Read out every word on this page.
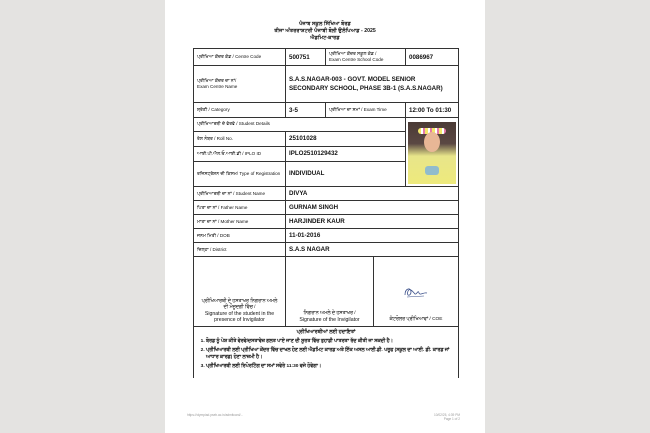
ਪੰਜਾਬ ਸਕੂਲ ਸਿੱਖਿਆ ਬੋਰਡ
ਤੀਜਾ ਅੰਤਰਰਾਸ਼ਟਰੀ ਪੰਜਾਬੀ ਬੋਲੀ ਉਲੰਪਿਆਡ - 2025
ਐਡਮਿਟ-ਕਾਰਡ
ਪ੍ਰੀਖਿਆ ਕੇਂਦਰ ਕੋਡ / Centre Code	500751	ਪ੍ਰੀਖਿਆ ਕੇਂਦਰ ਸਕੂਲ ਕੋਡ /
Exam Centre School Code		0086967
ਪ੍ਰੀਖਿਆ ਕੇਂਦਰ ਦਾ ਨਾਂ/
Exam Centre Name	S.A.S.NAGAR-003 - GOVT. MODEL SENIOR SECONDARY SCHOOL, PHASE 3B-1 (S.A.S.NAGAR)			
ਸ਼੍ਰੇਣੀ / Category	3-5	ਪ੍ਰੀਖਿਆ ਦਾ ਸਮਾਂ / Exam Time		12:00 To 01:30
ਪ੍ਰੀਖਿਆਰਥੀ ਦੇ ਵੇਰਵੇ / Student Details				

ਰੋਲ ਨੰਬਰ / Roll No.	25101028			
ਆਈ.ਪੀ.ਐਲ.ਓ.ਆਈ.ਡੀ / IPLO ID	IPLO2510129432			
ਰਜਿਸਟ੍ਰੇਸ਼ਨ ਦੀ ਕਿਸਮ/ Type of Registration	INDIVIDUAL			
ਪ੍ਰੀਖਿਆਰਥੀ ਦਾ ਨਾਂ / Student Name	DIVYA			
ਪਿਤਾ ਦਾ ਨਾਂ / Father Name	GURNAM SINGH			
ਮਾਤਾ ਦਾ ਨਾਂ / Mother Name	HARJINDER KAUR			
ਜਨਮ ਮਿਤੀ / DOB	11-01-2016			
ਜ਼ਿਲ੍ਹਾ / District	S.A.S NAGAR			

ਪ੍ਰੀਖਿਆਰਥੀ ਦੇ ਹਸਤਾਖਰ ਨਿਗਰਾਨ ਅਮਲੇ
ਦੀ ਮੌਜੂਦਗੀ ਵਿੱਚ /
Signature of the student in the presence of Invigilator	ਨਿਗਰਾਨ ਅਮਲੇ ਦੇ ਹਸਤਾਖਰ /
Signature of the Invigilator		ਕੰਟਰੋਲਰ ਪ੍ਰੀਖਿਆਵਾਂ / COE	

ਪ੍ਰੀਖਿਆਰਥੀਆਂ ਲਈ ਹਦਾਇਤਾਂ
1. ਬੋਰਡ ਨੂੰ ਪੇਸ਼ ਕੀਤੇ ਵੇਰਵੇ/ਦਸਤਾਵੇਜ਼ ਗਲਤ ਪਾਏ ਜਾਣ ਦੀ ਸੂਰਤ ਵਿੱਚ ਤੁਹਾਡੀ ਪਾਤਰਤਾ ਰੱਦ ਕੀਤੀ ਜਾ ਸਕਦੀ ਹੈ।
2. ਪ੍ਰੀਖਿਆਰਥੀ ਲਈ ਪ੍ਰੀਖਿਆ ਕੇਂਦਰ ਵਿੱਚ ਦਾਖਲ ਹੋਣ ਲਈ ਐਡਮਿਟ ਕਾਰਡ ਅਤੇ ਇੱਕ ਅਸਲ ਆਈ.ਡੀ. ਪਰੂਫ (ਸਕੂਲ ਦਾ ਆਈ. ਡੀ. ਕਾਰਡ ਜਾਂ ਆਧਾਰ ਕਾਰਡ) ਹੋਣਾ ਲਾਜ਼ਮੀ ਹੈ।
3. ਪ੍ਰੀਖਿਆਰਥੀ ਲਈ ਰਿਪੋਰਟਿੰਗ ਦਾ ਸਮਾਂ ਸਵੇਰੇ 11:30 ਵਜੇ ਹੋਵੇਗਾ।
https://olympiad.pseb.ac.in/admitcard/...	10/02/25, 4:39 PM
Page 1 of 2
